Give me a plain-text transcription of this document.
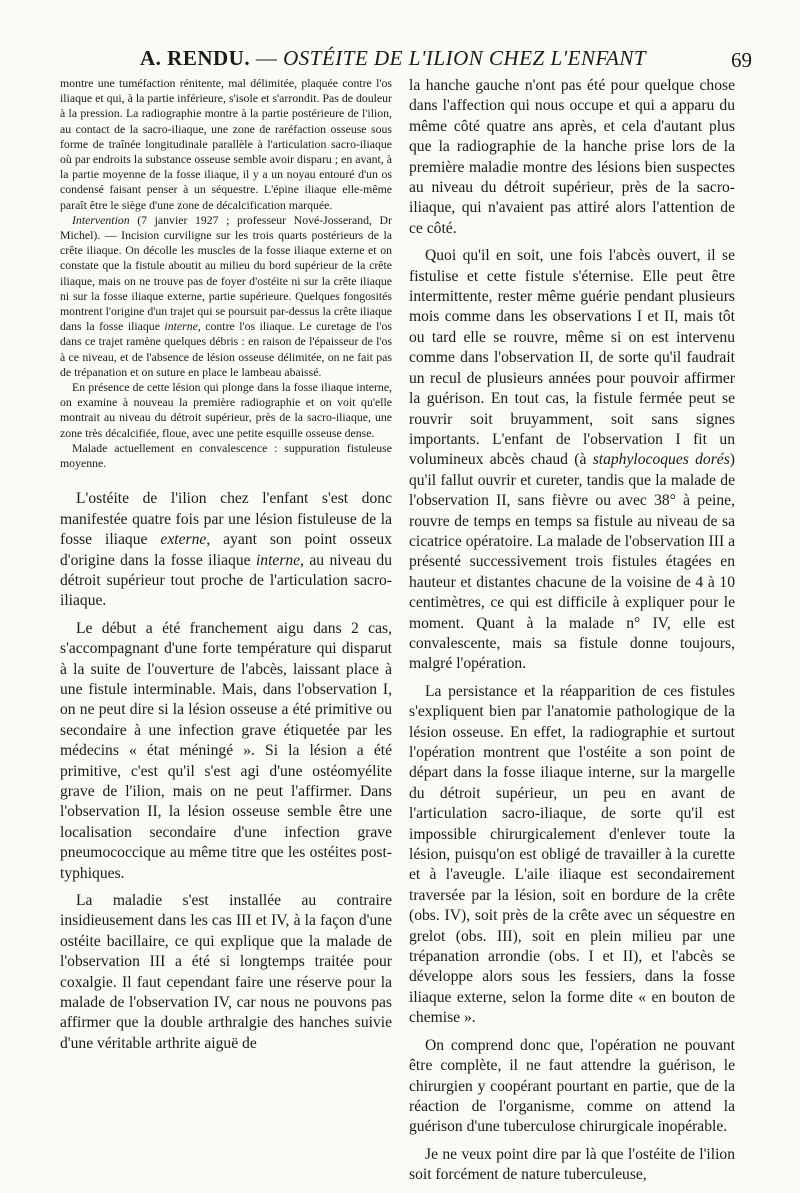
A. RENDU. — OSTÉITE DE L'ILION CHEZ L'ENFANT	69

montre une tuméfaction rénitente, mal délimitée, plaquée contre l'os iliaque et qui, à la partie inférieure, s'isole et s'arrondit. Pas de douleur à la pression. La radiographie montre à la partie postérieure de l'ilion, au contact de la sacro-iliaque, une zone de raréfaction osseuse sous forme de traînée longitudinale parallèle à l'articulation sacro-iliaque où par endroits la substance osseuse semble avoir disparu ; en avant, à la partie moyenne de la fosse iliaque, il y a un noyau entouré d'un os condensé faisant penser à un séquestre. L'épine iliaque elle-même paraît être le siège d'une zone de décalcification marquée.

Intervention (7 janvier 1927 ; professeur Nové-Josserand, Dr Michel). — Incision curviligne sur les trois quarts postérieurs de la crête iliaque. On décolle les muscles de la fosse iliaque externe et on constate que la fistule aboutit au milieu du bord supérieur de la crête iliaque, mais on ne trouve pas de foyer d'ostéite ni sur la crête iliaque ni sur la fosse iliaque externe, partie supérieure. Quelques fongosités montrent l'origine d'un trajet qui se poursuit par-dessus la crête iliaque dans la fosse iliaque interne, contre l'os iliaque. Le curetage de l'os dans ce trajet ramène quelques débris : en raison de l'épaisseur de l'os à ce niveau, et de l'absence de lésion osseuse délimitée, on ne fait pas de trépanation et on suture en place le lambeau abaissé.

En présence de cette lésion qui plonge dans la fosse iliaque interne, on examine à nouveau la première radiographie et on voit qu'elle montrait au niveau du détroit supérieur, près de la sacro-iliaque, une zone très décalcifiée, floue, avec une petite esquille osseuse dense.

Malade actuellement en convalescence : suppuration fistuleuse moyenne.

L'ostéite de l'ilion chez l'enfant s'est donc manifestée quatre fois par une lésion fistuleuse de la fosse iliaque externe, ayant son point osseux d'origine dans la fosse iliaque interne, au niveau du détroit supérieur tout proche de l'articulation sacro-iliaque.

Le début a été franchement aigu dans 2 cas, s'accompagnant d'une forte température qui disparut à la suite de l'ouverture de l'abcès, laissant place à une fistule interminable. Mais, dans l'observation I, on ne peut dire si la lésion osseuse a été primitive ou secondaire à une infection grave étiquetée par les médecins « état méningé ». Si la lésion a été primitive, c'est qu'il s'est agi d'une ostéomyélite grave de l'ilion, mais on ne peut l'affirmer. Dans l'observation II, la lésion osseuse semble être une localisation secondaire d'une infection grave pneumococcique au même titre que les ostéites post-typhiques.

La maladie s'est installée au contraire insidieusement dans les cas III et IV, à la façon d'une ostéite bacillaire, ce qui explique que la malade de l'observation III a été si longtemps traitée pour coxalgie. Il faut cependant faire une réserve pour la malade de l'observation IV, car nous ne pouvons pas affirmer que la double arthralgie des hanches suivie d'une véritable arthrite aiguë de

la hanche gauche n'ont pas été pour quelque chose dans l'affection qui nous occupe et qui a apparu du même côté quatre ans après, et cela d'autant plus que la radiographie de la hanche prise lors de la première maladie montre des lésions bien suspectes au niveau du détroit supérieur, près de la sacro-iliaque, qui n'avaient pas attiré alors l'attention de ce côté.

Quoi qu'il en soit, une fois l'abcès ouvert, il se fistulise et cette fistule s'éternise. Elle peut être intermittente, rester même guérie pendant plusieurs mois comme dans les observations I et II, mais tôt ou tard elle se rouvre, même si on est intervenu comme dans l'observation II, de sorte qu'il faudrait un recul de plusieurs années pour pouvoir affirmer la guérison. En tout cas, la fistule fermée peut se rouvrir soit bruyamment, soit sans signes importants. L'enfant de l'observation I fit un volumineux abcès chaud (à staphylocoques dorés) qu'il fallut ouvrir et cureter, tandis que la malade de l'observation II, sans fièvre ou avec 38° à peine, rouvre de temps en temps sa fistule au niveau de sa cicatrice opératoire. La malade de l'observation III a présenté successivement trois fistules étagées en hauteur et distantes chacune de la voisine de 4 à 10 centimètres, ce qui est difficile à expliquer pour le moment. Quant à la malade n° IV, elle est convalescente, mais sa fistule donne toujours, malgré l'opération.

La persistance et la réapparition de ces fistules s'expliquent bien par l'anatomie pathologique de la lésion osseuse. En effet, la radiographie et surtout l'opération montrent que l'ostéite a son point de départ dans la fosse iliaque interne, sur la margelle du détroit supérieur, un peu en avant de l'articulation sacro-iliaque, de sorte qu'il est impossible chirurgicalement d'enlever toute la lésion, puisqu'on est obligé de travailler à la curette et à l'aveugle. L'aile iliaque est secondairement traversée par la lésion, soit en bordure de la crête (obs. IV), soit près de la crête avec un séquestre en grelot (obs. III), soit en plein milieu par une trépanation arrondie (obs. I et II), et l'abcès se développe alors sous les fessiers, dans la fosse iliaque externe, selon la forme dite « en bouton de chemise ».

On comprend donc que, l'opération ne pouvant être complète, il ne faut attendre la guérison, le chirurgien y coopérant pourtant en partie, que de la réaction de l'organisme, comme on attend la guérison d'une tuberculose chirurgicale inopérable.

Je ne veux point dire par là que l'ostéite de l'ilion soit forcément de nature tuberculeuse,
